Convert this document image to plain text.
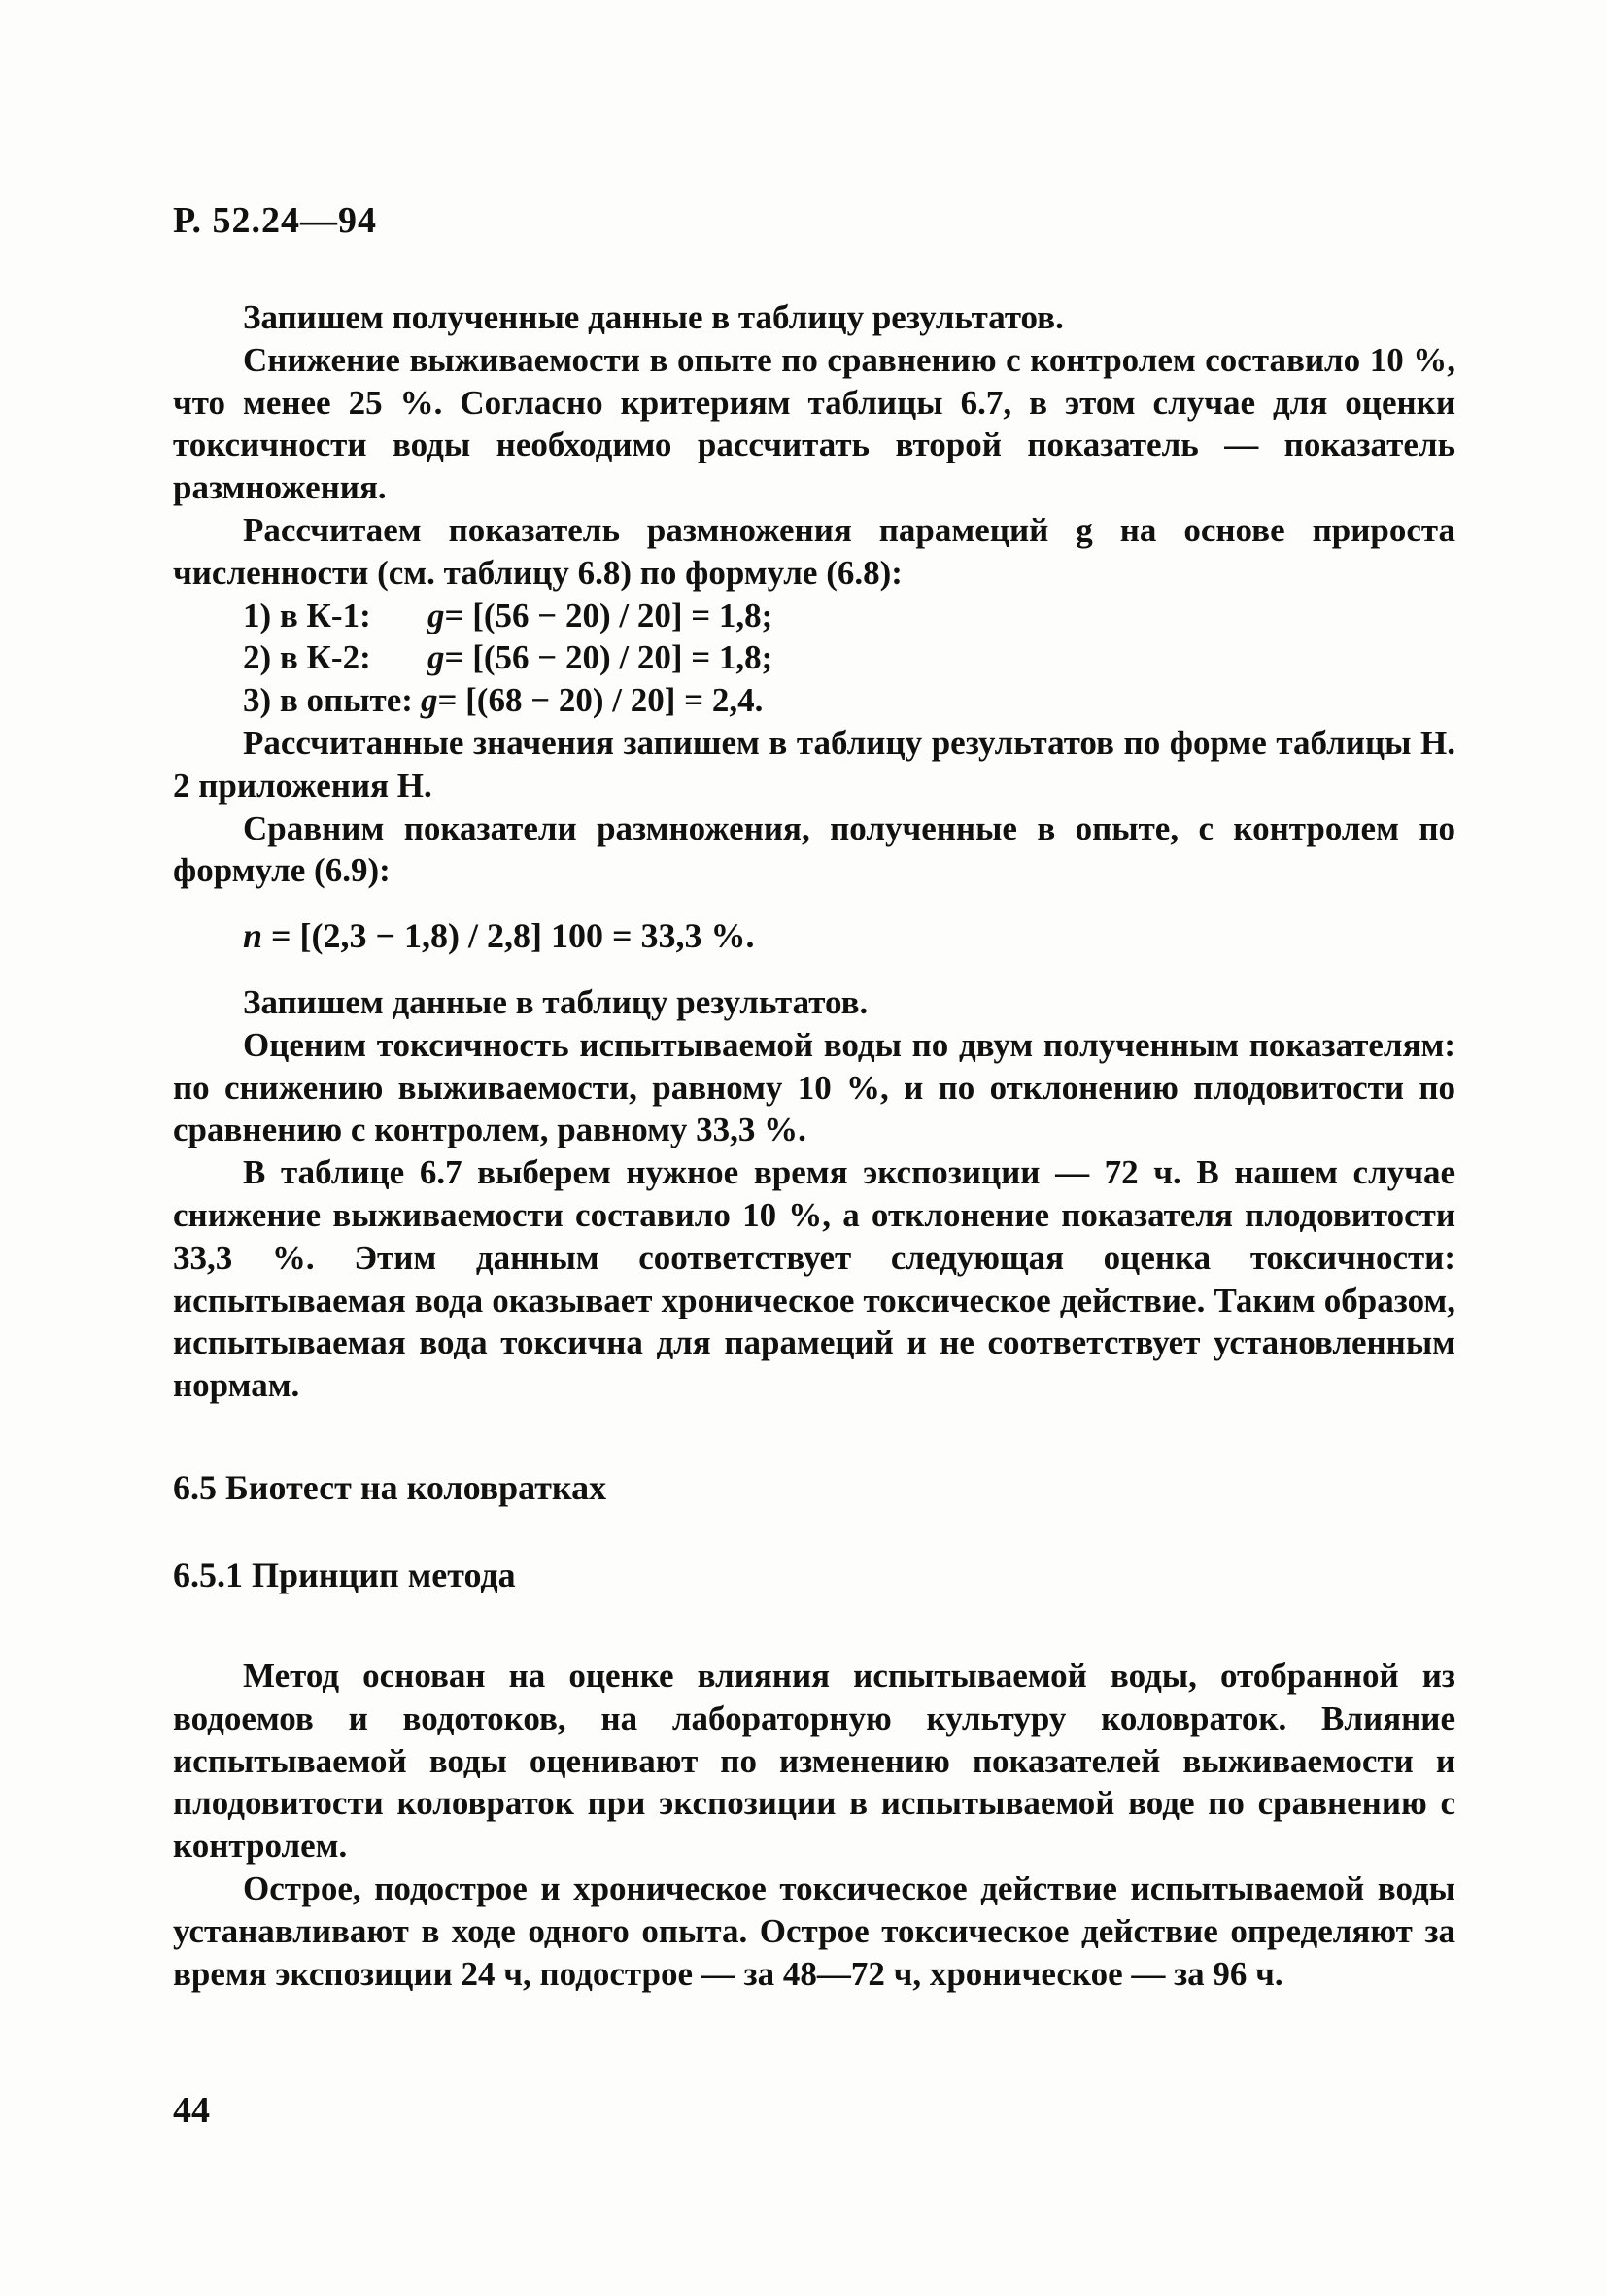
Р. 52.24—94

Запишем полученные данные в таблицу результатов.

Снижение выживаемости в опыте по сравнению с контролем составило 10 %, что менее 25 %. Согласно критериям таблицы 6.7, в этом случае для оценки токсичности воды необходимо рассчитать второй показатель — показатель размножения.

Рассчитаем показатель размножения парамеций g на основе прироста численности (см. таблицу 6.8) по формуле (6.8):

1) в К-1:	g = [(56 − 20) / 20] = 1,8;
2) в К-2:	g = [(56 − 20) / 20] = 1,8;
3) в опыте: g = [(68 − 20) / 20] = 2,4.

Рассчитанные значения запишем в таблицу результатов по форме таблицы Н. 2 приложения Н.

Сравним показатели размножения, полученные в опыте, с контролем по формуле (6.9):

n = [(2,3 − 1,8) / 2,8] 100 = 33,3 %.

Запишем данные в таблицу результатов.

Оценим токсичность испытываемой воды по двум полученным показателям: по снижению выживаемости, равному 10 %, и по отклонению плодовитости по сравнению с контролем, равному 33,3 %.

В таблице 6.7 выберем нужное время экспозиции — 72 ч. В нашем случае снижение выживаемости составило 10 %, а отклонение показателя плодовитости 33,3 %. Этим данным соответствует следующая оценка токсичности: испытываемая вода оказывает хроническое токсическое действие. Таким образом, испытываемая вода токсична для парамеций и не соответствует установленным нормам.

6.5 Биотест на коловратках
6.5.1 Принцип метода

Метод основан на оценке влияния испытываемой воды, отобранной из водоемов и водотоков, на лабораторную культуру коловраток. Влияние испытываемой воды оценивают по изменению показателей выживаемости и плодовитости коловраток при экспозиции в испытываемой воде по сравнению с контролем.

Острое, подострое и хроническое токсическое действие испытываемой воды устанавливают в ходе одного опыта. Острое токсическое действие определяют за время экспозиции 24 ч, подострое — за 48—72 ч, хроническое — за 96 ч.

44
